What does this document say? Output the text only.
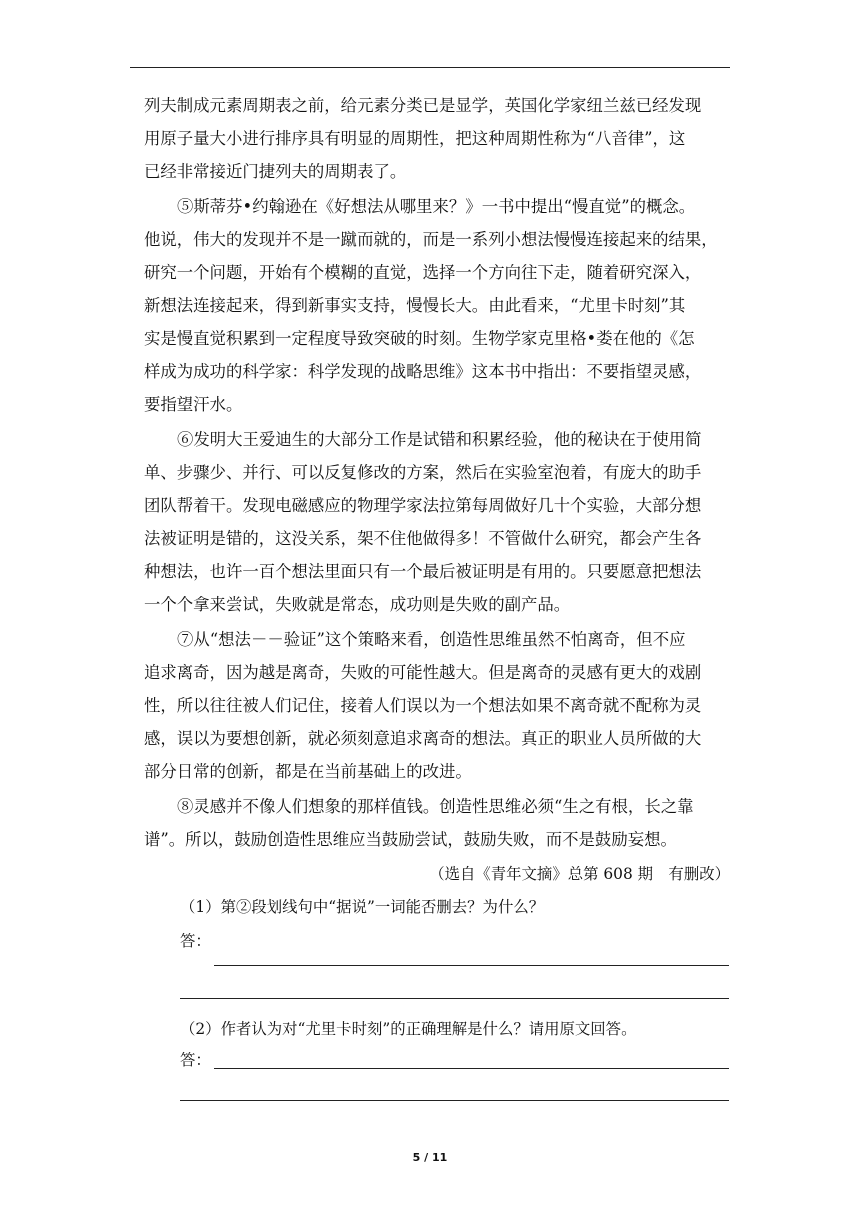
列夫制成元素周期表之前，给元素分类已是显学，英国化学家纽兰兹已经发现
用原子量大小进行排序具有明显的周期性，把这种周期性称为“八音律”，这
已经非常接近门捷列夫的周期表了。
⑤斯蒂芬•约翰逊在《好想法从哪里来？》一书中提出“慢直觉”的概念。
他说，伟大的发现并不是一蹴而就的，而是一系列小想法慢慢连接起来的结果，
研究一个问题，开始有个模糊的直觉，选择一个方向往下走，随着研究深入，
新想法连接起来，得到新事实支持，慢慢长大。由此看来，“尤里卡时刻”其
实是慢直觉积累到一定程度导致突破的时刻。生物学家克里格•娄在他的《怎
样成为成功的科学家：科学发现的战略思维》这本书中指出：不要指望灵感，
要指望汗水。
⑥发明大王爱迪生的大部分工作是试错和积累经验，他的秘诀在于使用简
单、步骤少、并行、可以反复修改的方案，然后在实验室泡着，有庞大的助手
团队帮着干。发现电磁感应的物理学家法拉第每周做好几十个实验，大部分想
法被证明是错的，这没关系，架不住他做得多！不管做什么研究，都会产生各
种想法，也许一百个想法里面只有一个最后被证明是有用的。只要愿意把想法
一个个拿来尝试，失败就是常态，成功则是失败的副产品。
⑦从“想法－－验证”这个策略来看，创造性思维虽然不怕离奇，但不应
追求离奇，因为越是离奇，失败的可能性越大。但是离奇的灵感有更大的戏剧
性，所以往往被人们记住，接着人们误以为一个想法如果不离奇就不配称为灵
感，误以为要想创新，就必须刻意追求离奇的想法。真正的职业人员所做的大
部分日常的创新，都是在当前基础上的改进。
⑧灵感并不像人们想象的那样值钱。创造性思维必须“生之有根，长之靠
谱”。所以，鼓励创造性思维应当鼓励尝试，鼓励失败，而不是鼓励妄想。
（选自《青年文摘》总第 608 期　有删改）
（1）第②段划线句中“据说”一词能否删去？为什么？
答：
（2）作者认为对“尤里卡时刻”的正确理解是什么？请用原文回答。
答：
5 / 11
